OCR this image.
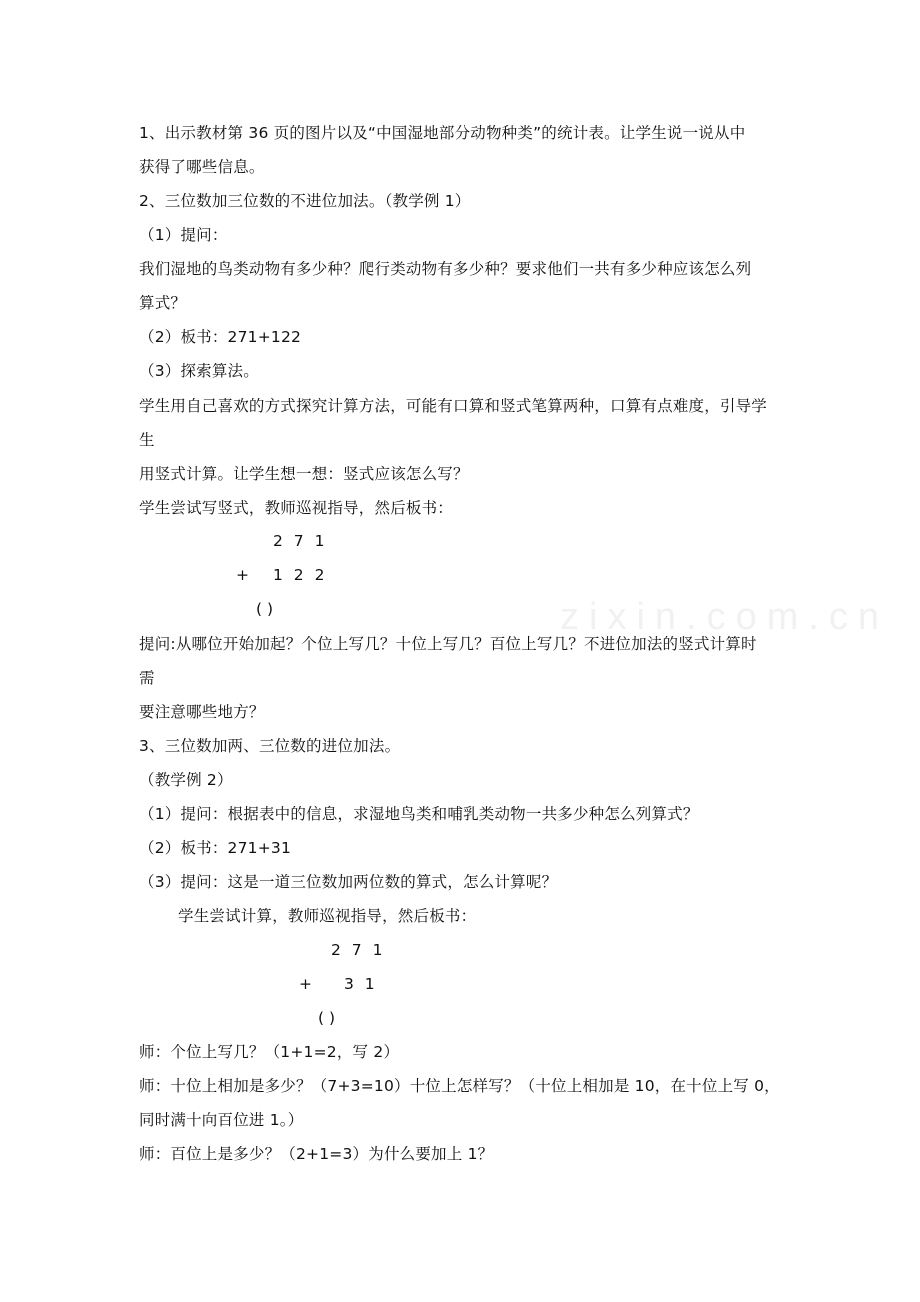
zixin.com.cn
1、出示教材第 36 页的图片以及“中国湿地部分动物种类”的统计表。让学生说一说从中
获得了哪些信息。
2、三位数加三位数的不进位加法。（教学例 1）
（1）提问：
我们湿地的鸟类动物有多少种？爬行类动物有多少种？要求他们一共有多少种应该怎么列
算式？
（2）板书：271+122
（3）探索算法。
学生用自己喜欢的方式探究计算方法，可能有口算和竖式笔算两种，口算有点难度，引导学
生
用竖式计算。让学生想一想：竖式应该怎么写？
学生尝试写竖式，教师巡视指导，然后板书：
2 7 1
+ 1 2 2
( )
提问:从哪位开始加起？个位上写几？十位上写几？百位上写几？不进位加法的竖式计算时
需
要注意哪些地方？
3、三位数加两、三位数的进位加法。
（教学例 2）
（1）提问：根据表中的信息，求湿地鸟类和哺乳类动物一共多少种怎么列算式？
（2）板书：271+31
（3）提问：这是一道三位数加两位数的算式，怎么计算呢？
学生尝试计算，教师巡视指导，然后板书：
2 7 1
+ 3 1
( )
师：个位上写几？（1+1=2，写 2）
师：十位上相加是多少？（7+3=10）十位上怎样写？（十位上相加是 10，在十位上写 0，
同时满十向百位进 1。）
师：百位上是多少？（2+1=3）为什么要加上 1？
